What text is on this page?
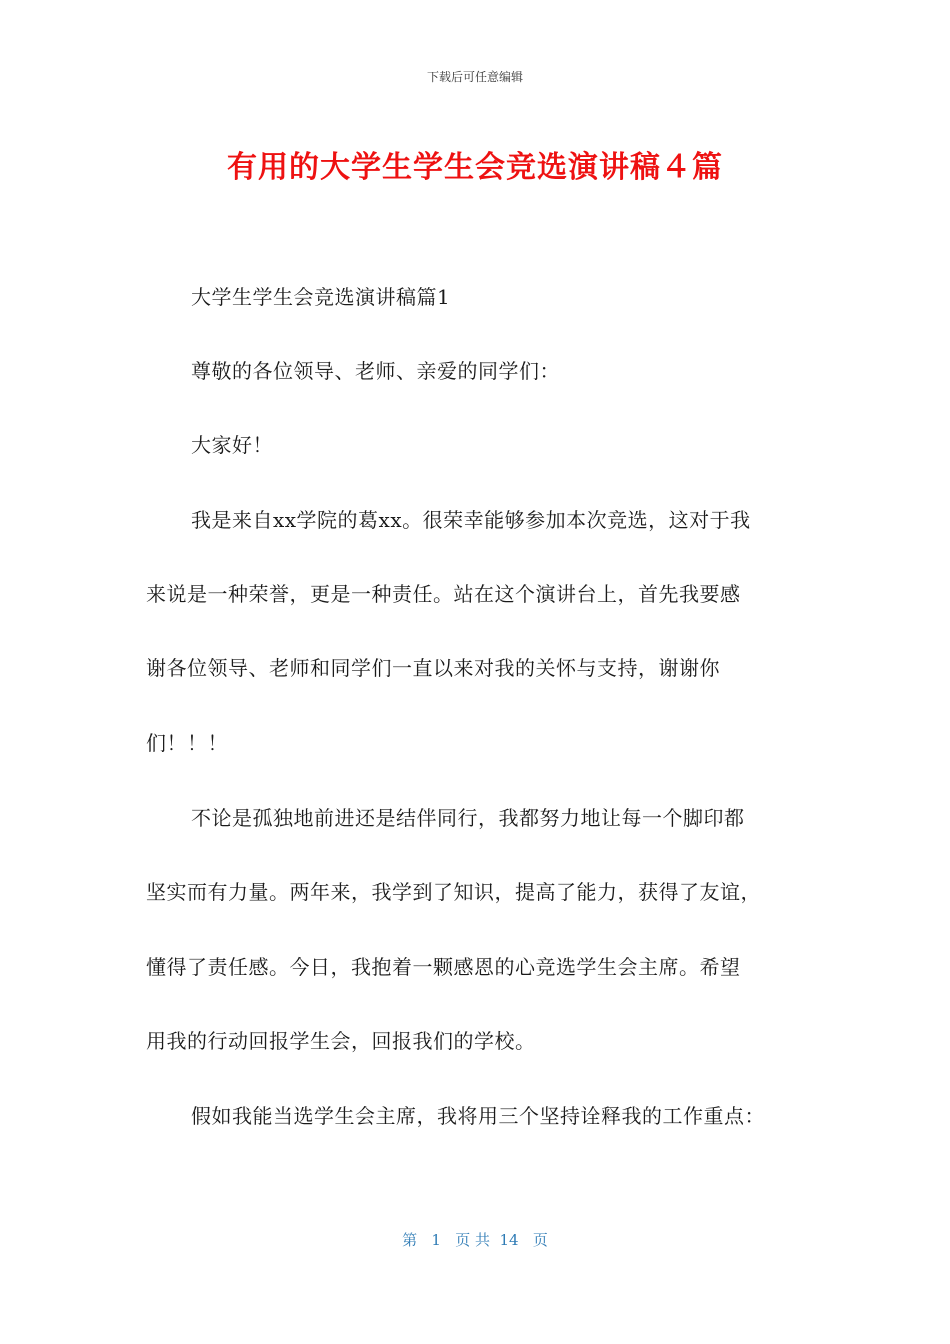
下载后可任意编辑
有用的大学生学生会竞选演讲稿４篇
大学生学生会竞选演讲稿篇1
尊敬的各位领导、老师、亲爱的同学们：
大家好！
我是来自xx学院的葛xx。很荣幸能够参加本次竞选，这对于我
来说是一种荣誉，更是一种责任。站在这个演讲台上，首先我要感
谢各位领导、老师和同学们一直以来对我的关怀与支持，谢谢你
们！！！
不论是孤独地前进还是结伴同行，我都努力地让每一个脚印都
坚实而有力量。两年来，我学到了知识，提高了能力，获得了友谊，
懂得了责任感。今日，我抱着一颗感恩的心竞选学生会主席。希望
用我的行动回报学生会，回报我们的学校。
假如我能当选学生会主席，我将用三个坚持诠释我的工作重点：
第   1   页 共  14   页
